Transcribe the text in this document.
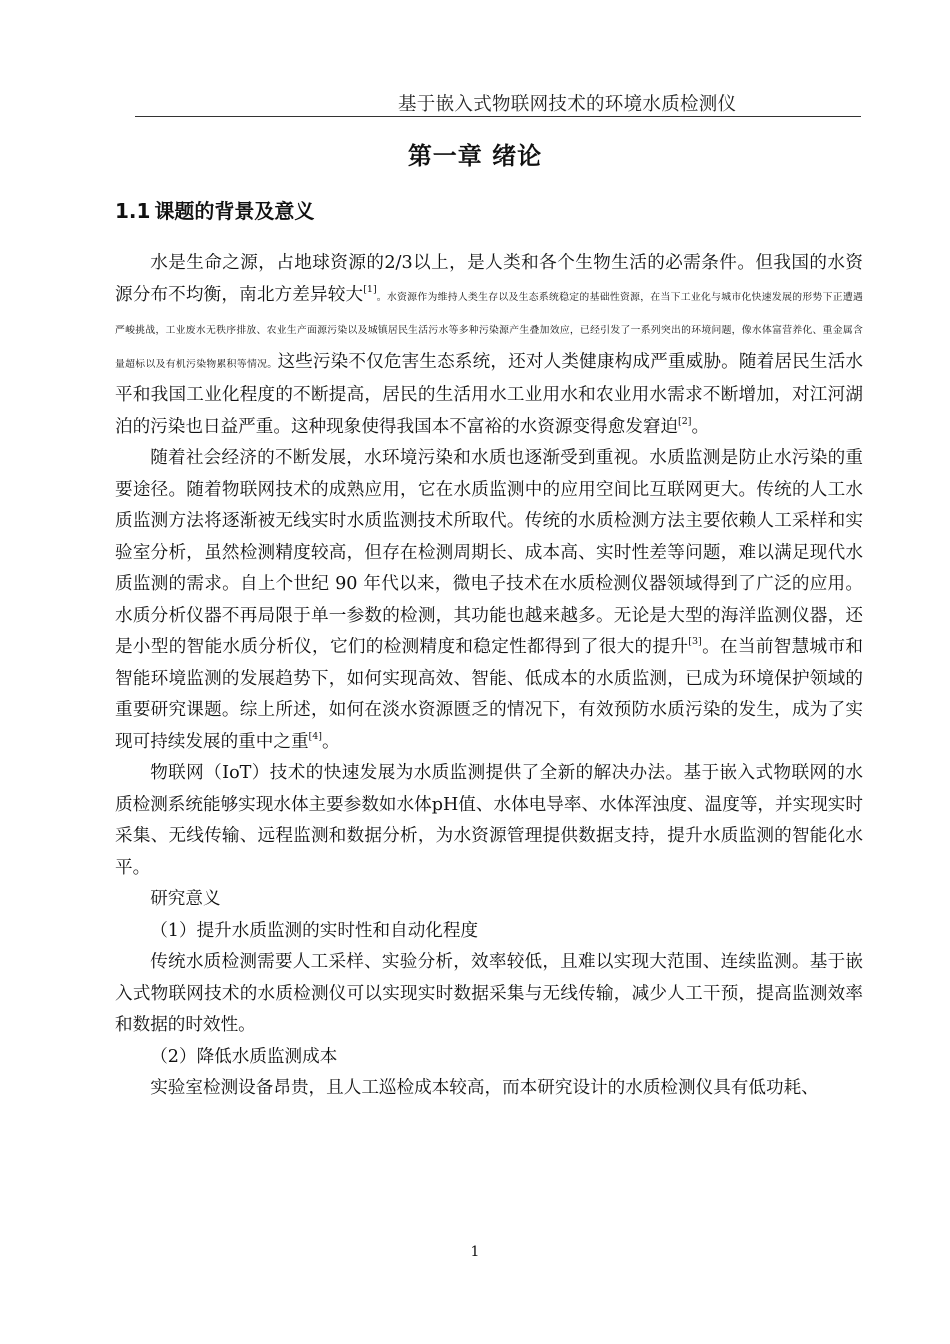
基于嵌入式物联网技术的环境水质检测仪
第一章 绪论
1.1 课题的背景及意义

水是生命之源，占地球资源的2/3以上，是人类和各个生物生活的必需条件。但我国的水资源分布不均衡，南北方差异较大[1]。水资源作为维持人类生存以及生态系统稳定的基础性资源，在当下工业化与城市化快速发展的形势下正遭遇严峻挑战，工业废水无秩序排放、农业生产面源污染以及城镇居民生活污水等多种污染源产生叠加效应，已经引发了一系列突出的环境问题，像水体富营养化、重金属含量超标以及有机污染物累积等情况。这些污染不仅危害生态系统，还对人类健康构成严重威胁。随着居民生活水平和我国工业化程度的不断提高，居民的生活用水工业用水和农业用水需求不断增加，对江河湖泊的污染也日益严重。这种现象使得我国本不富裕的水资源变得愈发窘迫[2]。

随着社会经济的不断发展，水环境污染和水质也逐渐受到重视。水质监测是防止水污染的重要途径。随着物联网技术的成熟应用，它在水质监测中的应用空间比互联网更大。传统的人工水质监测方法将逐渐被无线实时水质监测技术所取代。传统的水质检测方法主要依赖人工采样和实验室分析，虽然检测精度较高，但存在检测周期长、成本高、实时性差等问题，难以满足现代水质监测的需求。自上个世纪 90 年代以来，微电子技术在水质检测仪器领域得到了广泛的应用。水质分析仪器不再局限于单一参数的检测，其功能也越来越多。无论是大型的海洋监测仪器，还是小型的智能水质分析仪，它们的检测精度和稳定性都得到了很大的提升[3]。在当前智慧城市和智能环境监测的发展趋势下，如何实现高效、智能、低成本的水质监测，已成为环境保护领域的重要研究课题。综上所述，如何在淡水资源匮乏的情况下，有效预防水质污染的发生，成为了实现可持续发展的重中之重[4]。

物联网（IoT）技术的快速发展为水质监测提供了全新的解决办法。基于嵌入式物联网的水质检测系统能够实现水体主要参数如水体pH值、水体电导率、水体浑浊度、温度等，并实现实时采集、无线传输、远程监测和数据分析，为水资源管理提供数据支持，提升水质监测的智能化水平。

研究意义

（1）提升水质监测的实时性和自动化程度

传统水质检测需要人工采样、实验分析，效率较低，且难以实现大范围、连续监测。基于嵌入式物联网技术的水质检测仪可以实现实时数据采集与无线传输，减少人工干预，提高监测效率和数据的时效性。

（2）降低水质监测成本

实验室检测设备昂贵，且人工巡检成本较高，而本研究设计的水质检测仪具有低功耗、

1
